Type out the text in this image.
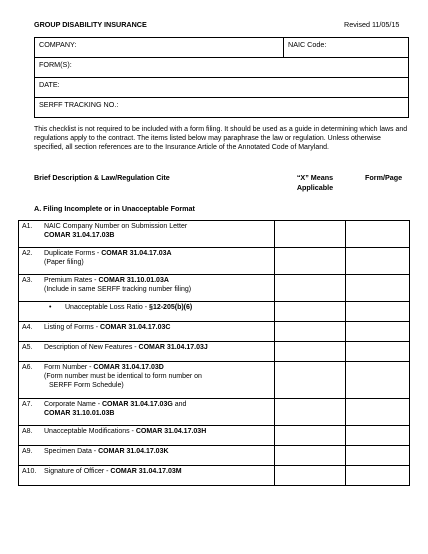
GROUP DISABILITY INSURANCE	Revised 11/05/15
COMPANY:	NAIC Code:
FORM(S):
DATE:
SERFF TRACKING NO.:

This checklist is not required to be included with a form filing. It should be used as a guide in determining which laws and regulations apply to the contract. The items listed below may paraphrase the law or regulation. Unless otherwise specified, all section references are to the Insurance Article of the Annotated Code of Maryland.

Brief Description & Law/Regulation Cite	“X” Means
Applicable
Form/Page
A. Filing Incomplete or in Unacceptable Format
A1. NAIC Company Number on Submission Letter
COMAR 31.04.17.03B		

A2. Duplicate Forms - COMAR 31.04.17.03A
(Paper filing)		

A3. Premium Rates - COMAR 31.10.01.03A
(Include in same SERFF tracking number filing)		

• Unacceptable Loss Ratio - §12-205(b)(6)		
A4. Listing of Forms - COMAR 31.04.17.03C		
A5. Description of New Features - COMAR 31.04.17.03J		
A6. Form Number - COMAR 31.04.17.03D
(Form number must be identical to form number on
SERFF Form Schedule)		

A7. Corporate Name - COMAR 31.04.17.03G and
COMAR 31.10.01.03B		

A8. Unacceptable Modifications - COMAR 31.04.17.03H		
A9. Specimen Data - COMAR 31.04.17.03K		
A10. Signature of Officer - COMAR 31.04.17.03M		
